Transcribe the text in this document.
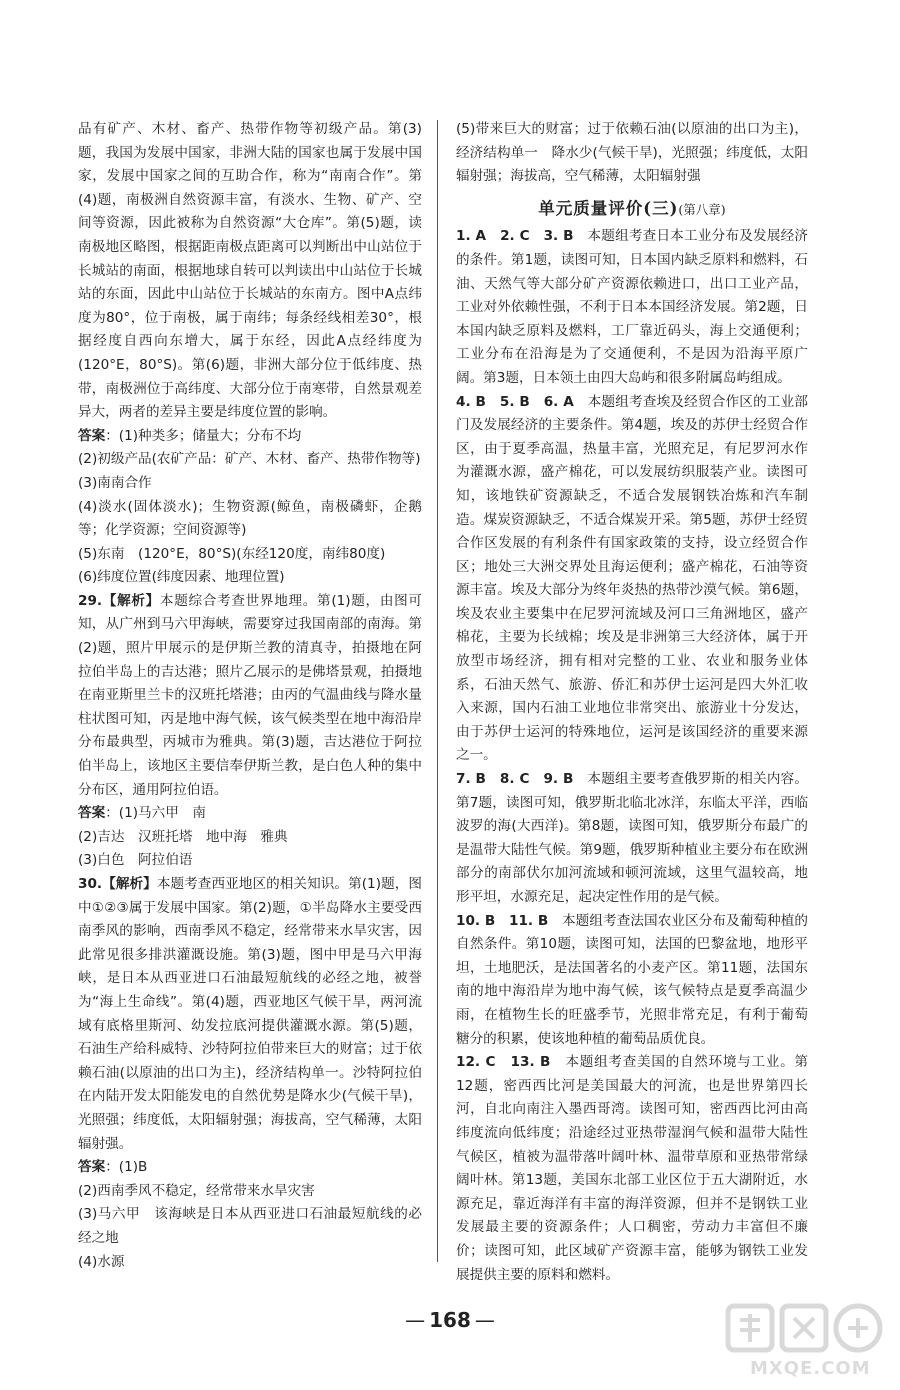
品有矿产、木材、畜产、热带作物等初级产品。第(3)题，我国为发展中国家，非洲大陆的国家也属于发展中国家，发展中国家之间的互助合作，称为“南南合作”。第(4)题，南极洲自然资源丰富，有淡水、生物、矿产、空间等资源，因此被称为自然资源“大仓库”。第(5)题，读南极地区略图，根据距南极点距离可以判断出中山站位于长城站的南面，根据地球自转可以判读出中山站位于长城站的东面，因此中山站位于长城站的东南方。图中A点纬度为80°，位于南极，属于南纬；每条经线相差30°，根据经度自西向东增大，属于东经，因此A点经纬度为(120°E，80°S)。第(6)题，非洲大部分位于低纬度、热带，南极洲位于高纬度、大部分位于南寒带，自然景观差异大，两者的差异主要是纬度位置的影响。

答案：(1)种类多；储量大；分布不均

(2)初级产品(农矿产品：矿产、木材、畜产、热带作物等)

(3)南南合作

(4)淡水(固体淡水)；生物资源(鲸鱼，南极磷虾，企鹅等；化学资源；空间资源等)

(5)东南　(120°E，80°S)(东经120度，南纬80度)

(6)纬度位置(纬度因素、地理位置)

29.【解析】本题综合考查世界地理。第(1)题，由图可知，从广州到马六甲海峡，需要穿过我国南部的南海。第(2)题，照片甲展示的是伊斯兰教的清真寺，拍摄地在阿拉伯半岛上的吉达港；照片乙展示的是佛塔景观，拍摄地在南亚斯里兰卡的汉班托塔港；由丙的气温曲线与降水量柱状图可知，丙是地中海气候，该气候类型在地中海沿岸分布最典型，丙城市为雅典。第(3)题，吉达港位于阿拉伯半岛上，该地区主要信奉伊斯兰教，是白色人种的集中分布区，通用阿拉伯语。

答案：(1)马六甲　南

(2)吉达　汉班托塔　地中海　雅典

(3)白色　阿拉伯语

30.【解析】本题考查西亚地区的相关知识。第(1)题，图中①②③属于发展中国家。第(2)题，①半岛降水主要受西南季风的影响，西南季风不稳定，经常带来水旱灾害，因此常见很多排洪灌溉设施。第(3)题，图中甲是马六甲海峡，是日本从西亚进口石油最短航线的必经之地，被誉为“海上生命线”。第(4)题，西亚地区气候干旱，两河流域有底格里斯河、幼发拉底河提供灌溉水源。第(5)题，石油生产给科威特、沙特阿拉伯带来巨大的财富；过于依赖石油(以原油的出口为主)，经济结构单一。沙特阿拉伯在内陆开发太阳能发电的自然优势是降水少(气候干旱)，光照强；纬度低，太阳辐射强；海拔高，空气稀薄，太阳辐射强。

答案：(1)B

(2)西南季风不稳定，经常带来水旱灾害

(3)马六甲　该海峡是日本从西亚进口石油最短航线的必经之地

(4)水源

(5)带来巨大的财富；过于依赖石油(以原油的出口为主)，经济结构单一　降水少(气候干旱)，光照强；纬度低，太阳辐射强；海拔高，空气稀薄，太阳辐射强

单元质量评价(三)(第八章)

1. A　2. C　3. B　本题组考查日本工业分布及发展经济的条件。第1题，读图可知，日本国内缺乏原料和燃料，石油、天然气等大部分矿产资源依赖进口，出口工业产品，工业对外依赖性强，不利于日本本国经济发展。第2题，日本国内缺乏原料及燃料，工厂靠近码头，海上交通便利；工业分布在沿海是为了交通便利，不是因为沿海平原广阔。第3题，日本领土由四大岛屿和很多附属岛屿组成。

4. B　5. B　6. A　本题组考查埃及经贸合作区的工业部门及发展经济的主要条件。第4题，埃及的苏伊士经贸合作区，由于夏季高温，热量丰富，光照充足，有尼罗河水作为灌溉水源，盛产棉花，可以发展纺织服装产业。读图可知，该地铁矿资源缺乏，不适合发展钢铁冶炼和汽车制造。煤炭资源缺乏，不适合煤炭开采。第5题，苏伊士经贸合作区发展的有利条件有国家政策的支持，设立经贸合作区；地处三大洲交界处且海运便利；盛产棉花，石油等资源丰富。埃及大部分为终年炎热的热带沙漠气候。第6题，埃及农业主要集中在尼罗河流域及河口三角洲地区，盛产棉花，主要为长绒棉；埃及是非洲第三大经济体，属于开放型市场经济，拥有相对完整的工业、农业和服务业体系，石油天然气、旅游、侨汇和苏伊士运河是四大外汇收入来源，国内石油工业地位非常突出、旅游业十分发达，由于苏伊士运河的特殊地位，运河是该国经济的重要来源之一。

7. B　8. C　9. B　本题组主要考查俄罗斯的相关内容。第7题，读图可知，俄罗斯北临北冰洋，东临太平洋，西临波罗的海(大西洋)。第8题，读图可知，俄罗斯分布最广的是温带大陆性气候。第9题，俄罗斯种植业主要分布在欧洲部分的南部伏尔加河流域和顿河流域，这里气温较高，地形平坦，水源充足，起决定性作用的是气候。

10. B　11. B　本题组考查法国农业区分布及葡萄种植的自然条件。第10题，读图可知，法国的巴黎盆地，地形平坦，土地肥沃，是法国著名的小麦产区。第11题，法国东南的地中海沿岸为地中海气候，该气候特点是夏季高温少雨，在植物生长的旺盛季节，光照非常充足，有利于葡萄糖分的积累，使该地种植的葡萄品质优良。

12. C　13. B　本题组考查美国的自然环境与工业。第12题，密西西比河是美国最大的河流，也是世界第四长河，自北向南注入墨西哥湾。读图可知，密西西比河由高纬度流向低纬度；沿途经过亚热带湿润气候和温带大陆性气候区，植被为温带落叶阔叶林、温带草原和亚热带常绿阔叶林。第13题，美国东北部工业区位于五大湖附近，水源充足，靠近海洋有丰富的海洋资源，但并不是钢铁工业发展最主要的资源条件；人口稠密，劳动力丰富但不廉价；读图可知，此区域矿产资源丰富，能够为钢铁工业发展提供主要的原料和燃料。

— 168 —
MXQE.COM
